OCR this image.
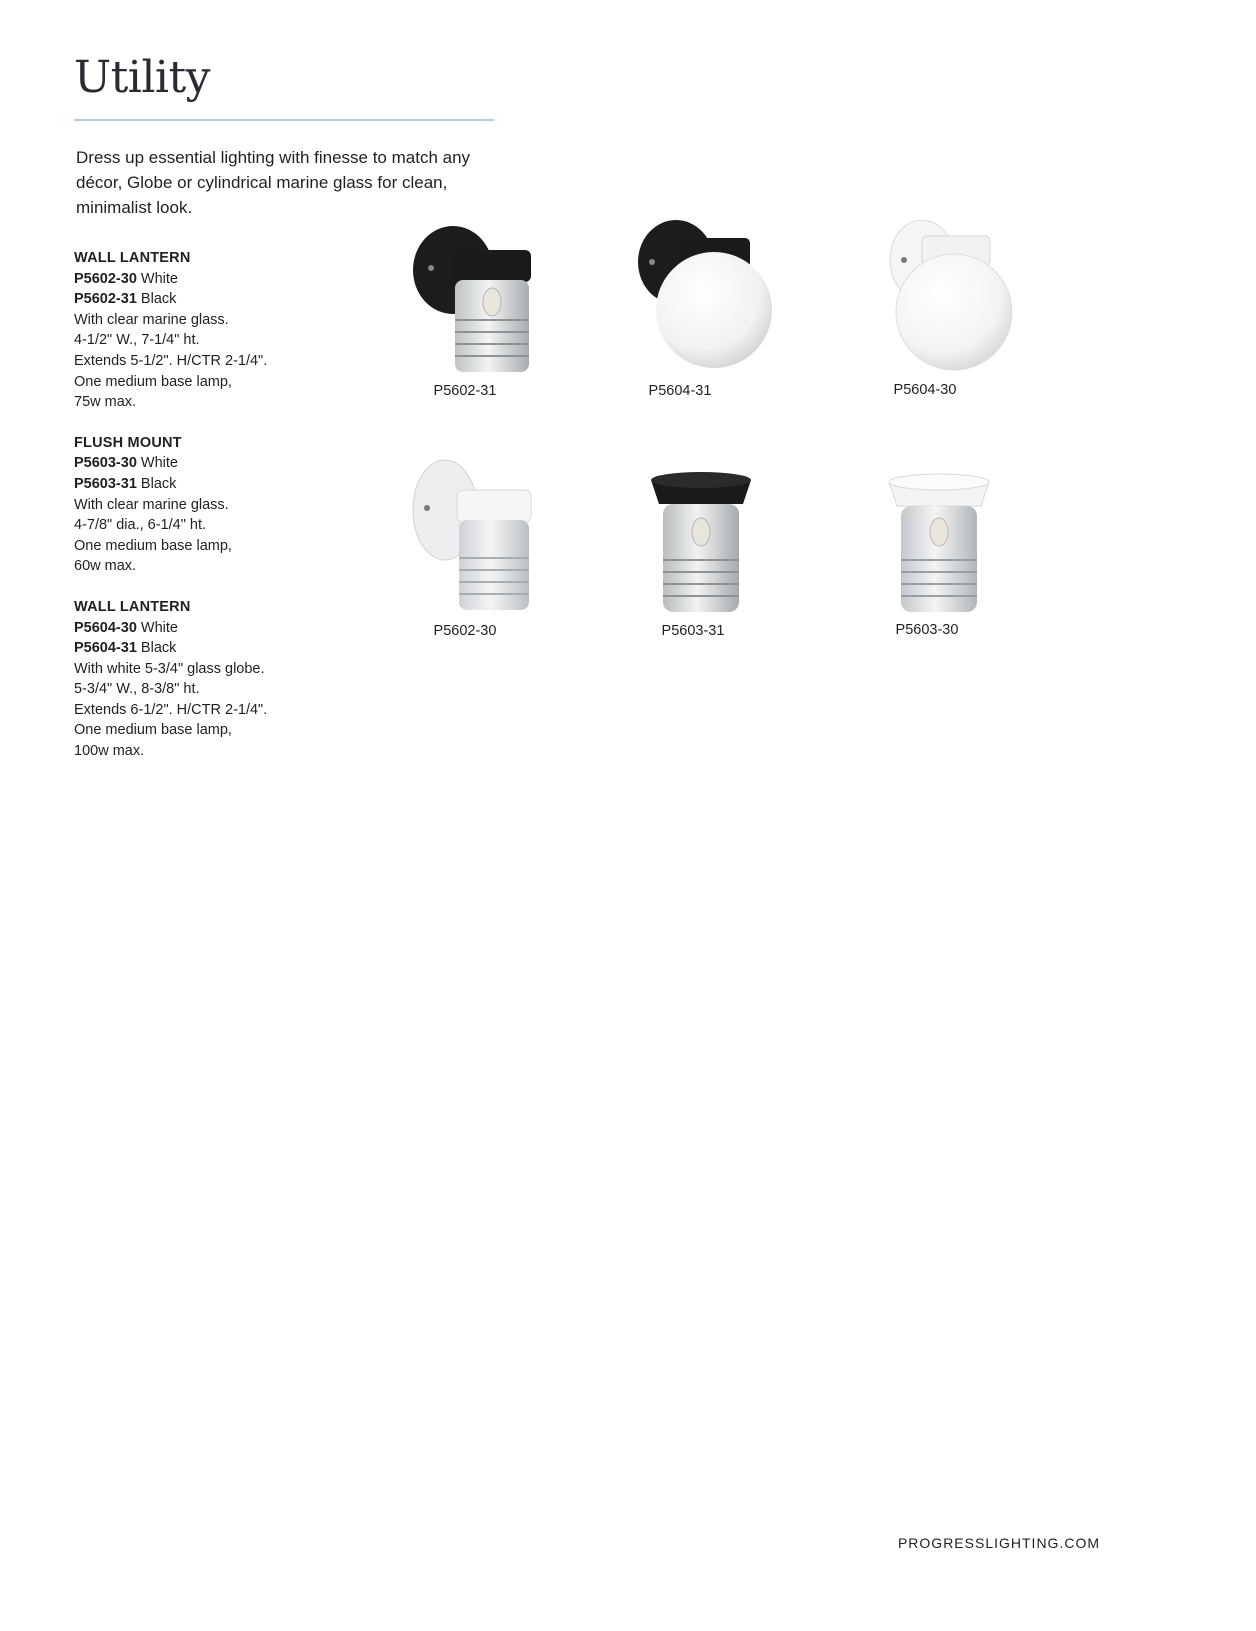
Utility
Dress up essential lighting with finesse to match any décor, Globe or cylindrical marine glass for clean, minimalist look.
WALL LANTERN
P5602-30 White
P5602-31 Black
With clear marine glass.
4-1/2" W., 7-1/4" ht.
Extends 5-1/2". H/CTR 2-1/4".
One medium base lamp,
75w max.
FLUSH MOUNT
P5603-30 White
P5603-31 Black
With clear marine glass.
4-7/8" dia., 6-1/4" ht.
One medium base lamp,
60w max.
WALL LANTERN
P5604-30 White
P5604-31 Black
With white 5-3/4" glass globe.
5-3/4" W., 8-3/8" ht.
Extends 6-1/2". H/CTR 2-1/4".
One medium base lamp,
100w max.
P5602-31	P5604-31	P5604-30
P5602-30	P5603-31	P5603-30
PROGRESSLIGHTING.COM
